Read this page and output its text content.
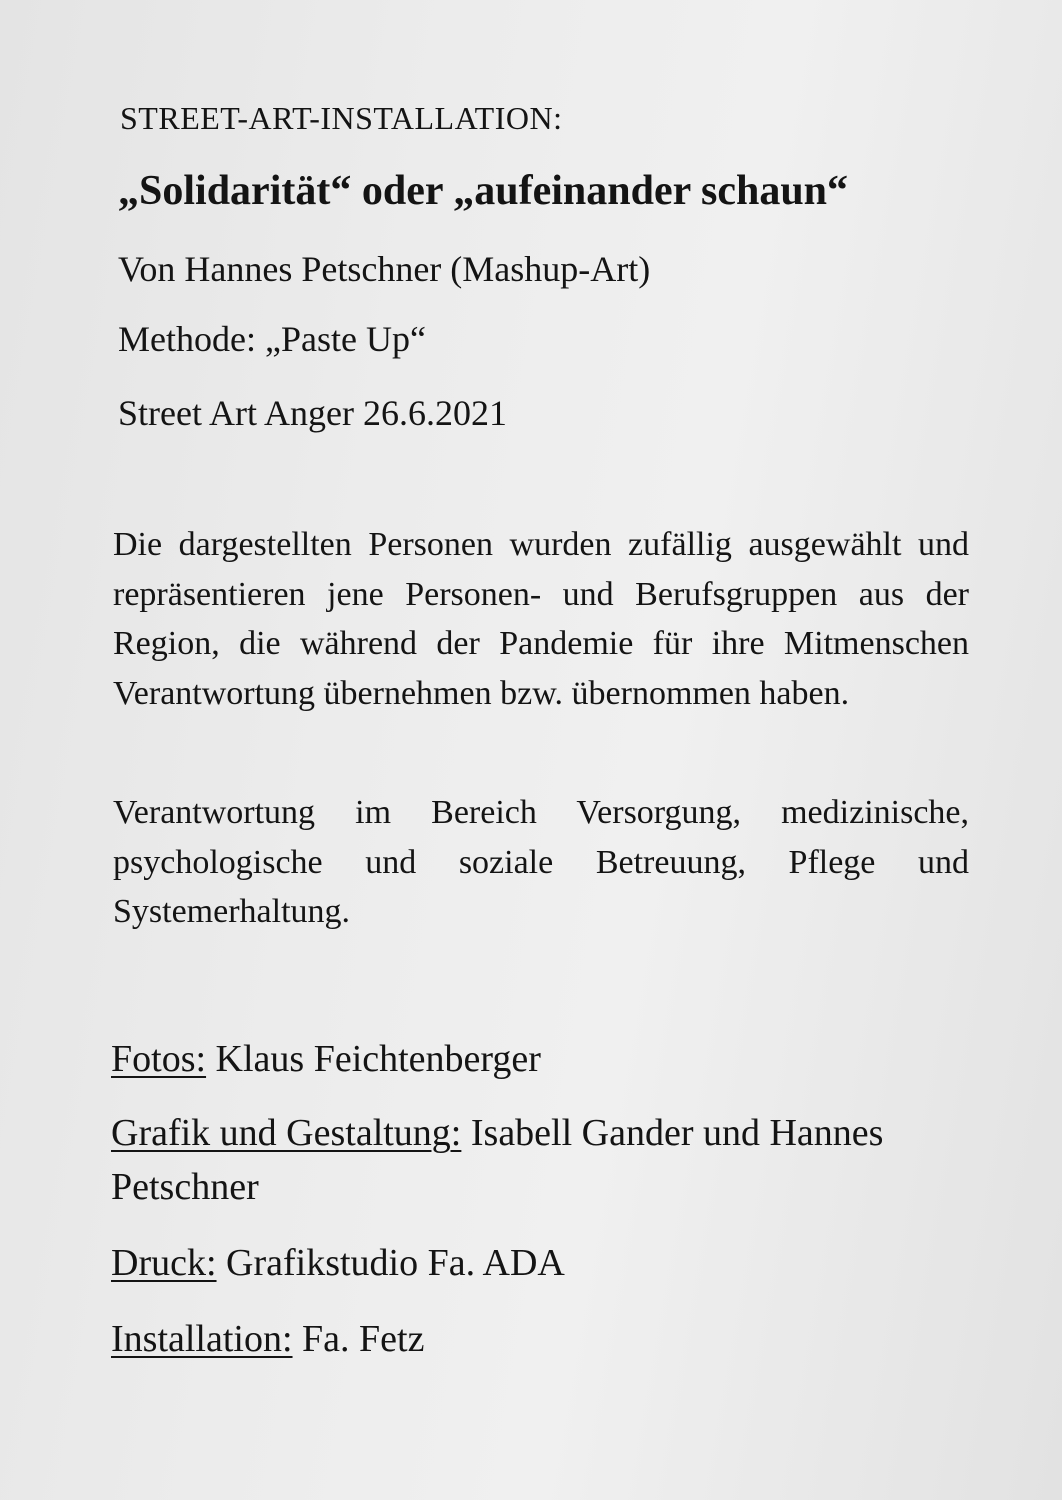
STREET-ART-INSTALLATION:

„Solidarität“ oder „aufeinander schaun“

Von Hannes Petschner (Mashup-Art)

Methode: „Paste Up“

Street Art Anger 26.6.2021

Die dargestellten Personen wurden zufällig ausgewählt und repräsentieren jene Personen- und Berufsgruppen aus der Region, die während der Pandemie für ihre Mitmenschen Verantwortung übernehmen bzw. übernommen haben.

Verantwortung im Bereich Versorgung, medizinische, psychologische und soziale Betreuung, Pflege und Systemerhaltung.

Fotos: Klaus Feichtenberger

Grafik und Gestaltung: Isabell Gander und Hannes Petschner

Druck: Grafikstudio Fa. ADA

Installation: Fa. Fetz
